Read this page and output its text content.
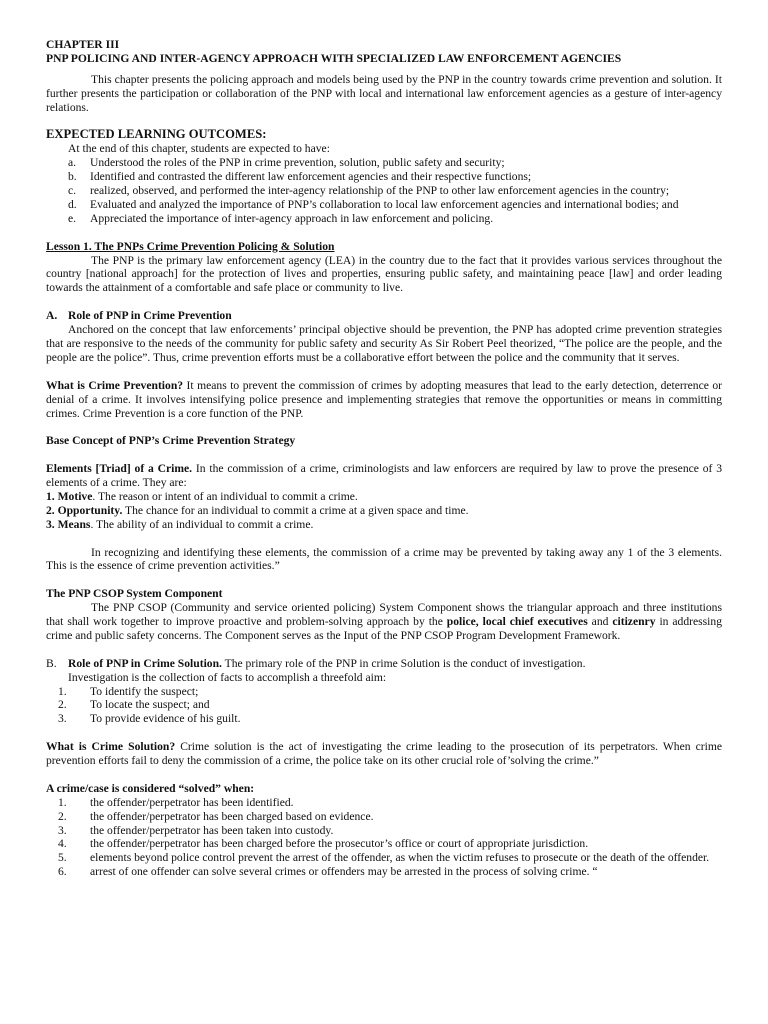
CHAPTER III

PNP POLICING AND INTER-AGENCY APPROACH WITH SPECIALIZED LAW ENFORCEMENT AGENCIES

This chapter presents the policing approach and models being used by the PNP in the country towards crime prevention and solution. It further presents the participation or collaboration of the PNP with local and international law enforcement agencies as a gesture of inter-agency relations.

EXPECTED LEARNING OUTCOMES:

At the end of this chapter, students are expected to have:

a. Understood the roles of the PNP in crime prevention, solution, public safety and security;
b. Identified and contrasted the different law enforcement agencies and their respective functions;
c. realized, observed, and performed the inter-agency relationship of the PNP to other law enforcement agencies in the country;
d. Evaluated and analyzed the importance of PNP’s collaboration to local law enforcement agencies and international bodies; and
e. Appreciated the importance of inter-agency approach in law enforcement and policing.

Lesson 1. The PNPs Crime Prevention Policing & Solution

The PNP is the primary law enforcement agency (LEA) in the country due to the fact that it provides various services throughout the country [national approach] for the protection of lives and properties, ensuring public safety, and maintaining peace [law] and order leading towards the attainment of a comfortable and safe place or community to live.

A. Role of PNP in Crime Prevention

Anchored on the concept that law enforcements’ principal objective should be prevention, the PNP has adopted crime prevention strategies that are responsive to the needs of the community for public safety and security As Sir Robert Peel theorized, “The police are the people, and the people are the police”. Thus, crime prevention efforts must be a collaborative effort between the police and the community that it serves.

What is Crime Prevention? It means to prevent the commission of crimes by adopting measures that lead to the early detection, deterrence or denial of a crime. It involves intensifying police presence and implementing strategies that remove the opportunities or means in committing crimes. Crime Prevention is a core function of the PNP.

Base Concept of PNP’s Crime Prevention Strategy

Elements [Triad] of a Crime. In the commission of a crime, criminologists and law enforcers are required by law to prove the presence of 3 elements of a crime. They are:

1. Motive. The reason or intent of an individual to commit a crime.

2. Opportunity. The chance for an individual to commit a crime at a given space and time.

3. Means. The ability of an individual to commit a crime.

In recognizing and identifying these elements, the commission of a crime may be prevented by taking away any 1 of the 3 elements. This is the essence of crime prevention activities.”

The PNP CSOP System Component

The PNP CSOP (Community and service oriented policing) System Component shows the triangular approach and three institutions that shall work together to improve proactive and problem-solving approach by the police, local chief executives and citizenry in addressing crime and public safety concerns. The Component serves as the Input of the PNP CSOP Program Development Framework.

B. Role of PNP in Crime Solution. The primary role of the PNP in crime Solution is the conduct of investigation.

Investigation is the collection of facts to accomplish a threefold aim:

1. To identify the suspect;
2. To locate the suspect; and
3. To provide evidence of his guilt.

What is Crime Solution? Crime solution is the act of investigating the crime leading to the prosecution of its perpetrators. When crime prevention efforts fail to deny the commission of a crime, the police take on its other crucial role of’solving the crime.”

A crime/case is considered “solved” when:

1. the offender/perpetrator has been identified.
2. the offender/perpetrator has been charged based on evidence.
3. the offender/perpetrator has been taken into custody.
4. the offender/perpetrator has been charged before the prosecutor’s office or court of appropriate jurisdiction.
5. elements beyond police control prevent the arrest of the offender, as when the victim refuses to prosecute or the death of the offender.
6. arrest of one offender can solve several crimes or offenders may be arrested in the process of solving crime. “
